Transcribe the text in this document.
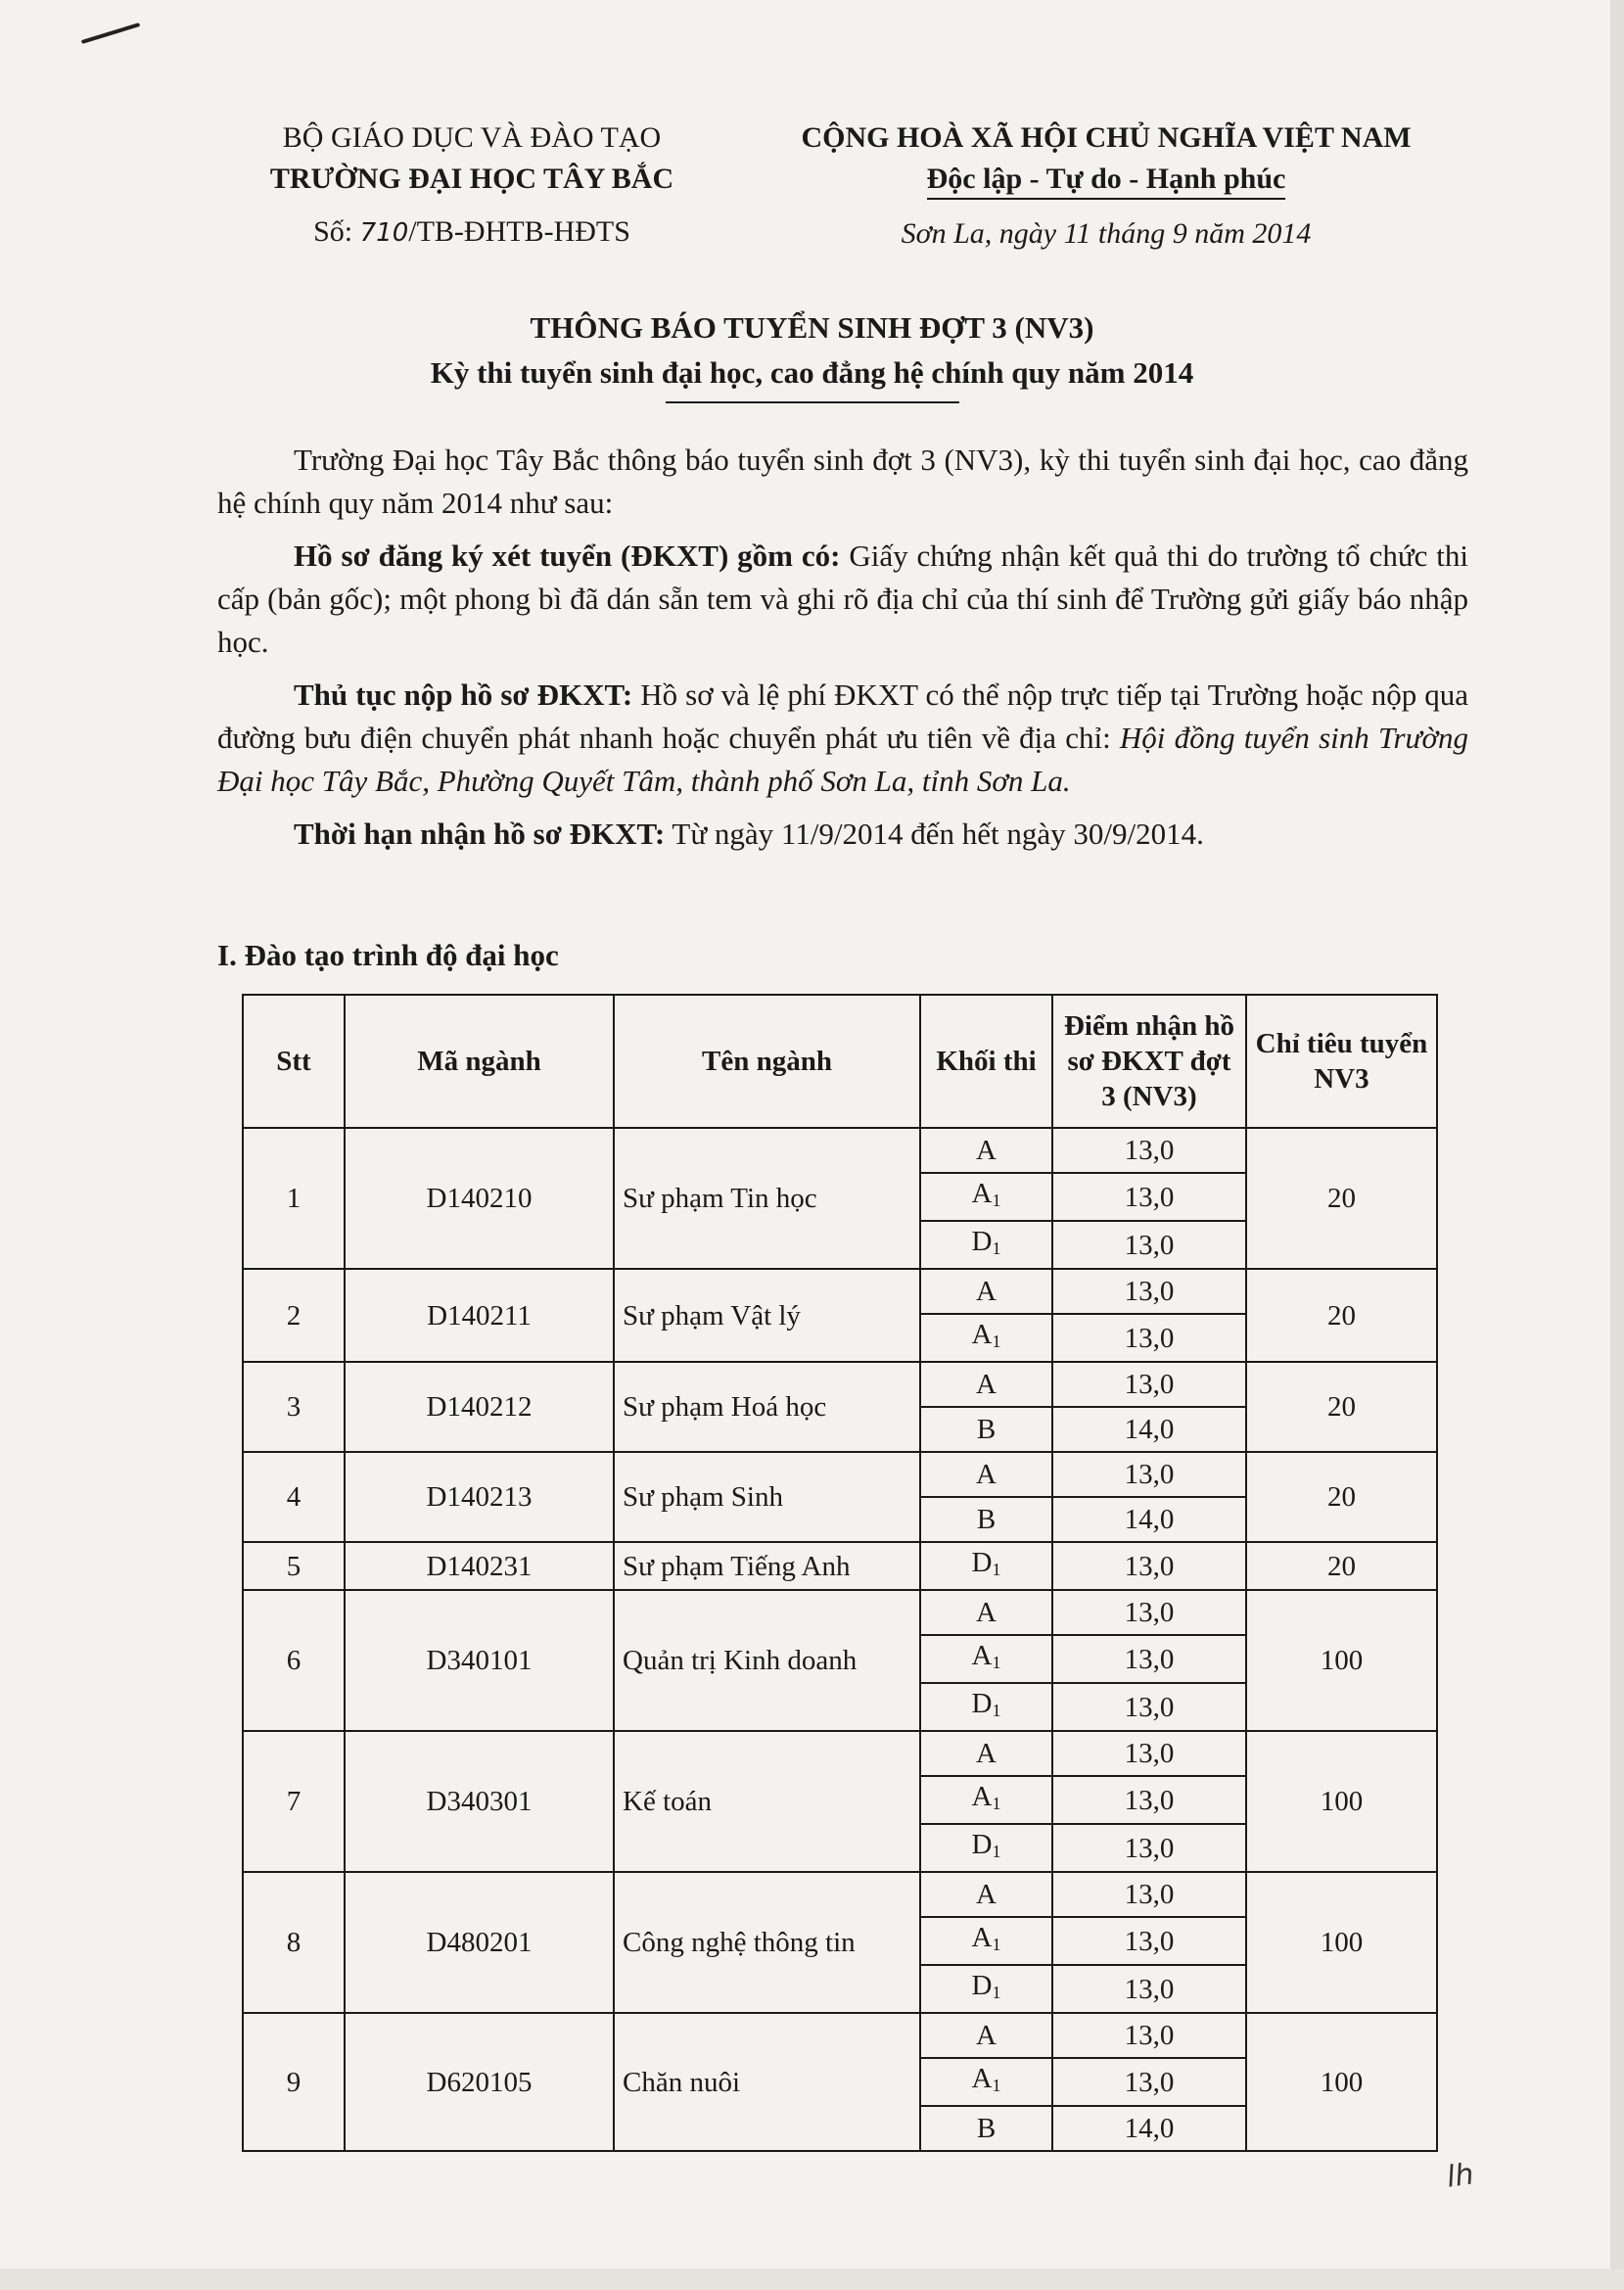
BỘ GIÁO DỤC VÀ ĐÀO TẠO
TRƯỜNG ĐẠI HỌC TÂY BẮC
Số: 710/TB-ĐHTB-HĐTS
CỘNG HOÀ XÃ HỘI CHỦ NGHĨA VIỆT NAM
Độc lập - Tự do - Hạnh phúc
Sơn La, ngày 11 tháng 9 năm 2014
THÔNG BÁO TUYỂN SINH ĐỢT 3 (NV3)
Kỳ thi tuyển sinh đại học, cao đẳng hệ chính quy năm 2014

Trường Đại học Tây Bắc thông báo tuyển sinh đợt 3 (NV3), kỳ thi tuyển sinh đại học, cao đẳng hệ chính quy năm 2014 như sau:

Hồ sơ đăng ký xét tuyển (ĐKXT) gồm có: Giấy chứng nhận kết quả thi do trường tổ chức thi cấp (bản gốc); một phong bì đã dán sẵn tem và ghi rõ địa chỉ của thí sinh để Trường gửi giấy báo nhập học.

Thủ tục nộp hồ sơ ĐKXT: Hồ sơ và lệ phí ĐKXT có thể nộp trực tiếp tại Trường hoặc nộp qua đường bưu điện chuyển phát nhanh hoặc chuyển phát ưu tiên về địa chỉ: Hội đồng tuyển sinh Trường Đại học Tây Bắc, Phường Quyết Tâm, thành phố Sơn La, tỉnh Sơn La.

Thời hạn nhận hồ sơ ĐKXT: Từ ngày 11/9/2014 đến hết ngày 30/9/2014.

I. Đào tạo trình độ đại học
Stt	Mã ngành	Tên ngành	Khối thi	Điểm nhận hồ sơ ĐKXT đợt 3 (NV3)	Chỉ tiêu tuyển NV3
1	D140210	Sư phạm Tin học	A	13,0	20
			$A_1$	13,0	
			$D_1$	13,0	
2	D140211	Sư phạm Vật lý	A	13,0	20
			$A_1$	13,0	
3	D140212	Sư phạm Hoá học	A	13,0	20
			B	14,0	
4	D140213	Sư phạm Sinh	A	13,0	20
			B	14,0	
5	D140231	Sư phạm Tiếng Anh	$D_1$	13,0	20
6	D340101	Quản trị Kinh doanh	A	13,0	100
			$A_1$	13,0	
			$D_1$	13,0	
7	D340301	Kế toán	A	13,0	100
			$A_1$	13,0	
			$D_1$	13,0	
8	D480201	Công nghệ thông tin	A	13,0	100
			$A_1$	13,0	
			$D_1$	13,0	
9	D620105	Chăn nuôi	A	13,0	100
			$A_1$	13,0	
			B	14,0	
lh
